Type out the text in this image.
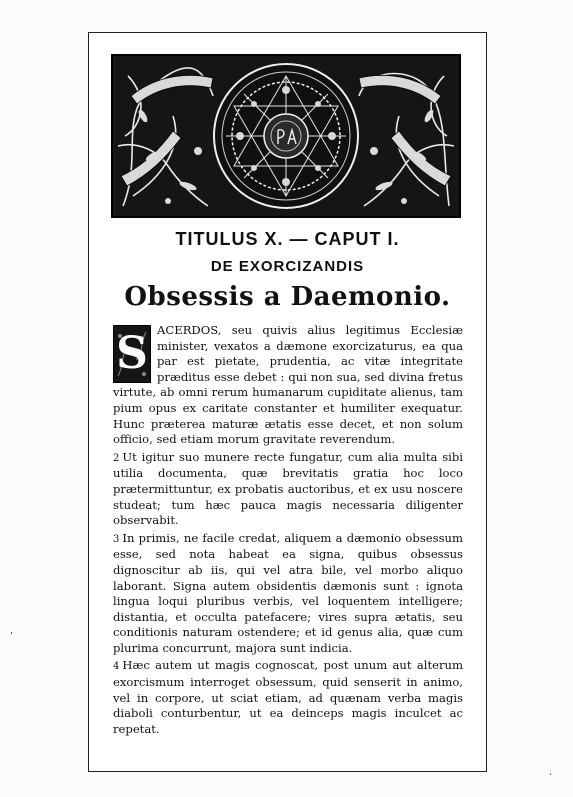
TITULUS X. — CAPUT I.
DE EXORCIZANDIS
Obsessis a Daemonio.

S ACERDOS, seu quivis alius legitimus Ecclesiæ minister, vexatos a dæmone exorcizaturus, ea qua par est pietate, prudentia, ac vitæ integritate præditus esse debet : qui non sua, sed divina fretus virtute, ab omni rerum humanarum cupiditate alienus, tam pium opus ex caritate constanter et humiliter exequatur. Hunc præterea maturæ ætatis esse decet, et non solum officio, sed etiam morum gravitate reverendum.

2 Ut igitur suo munere recte fungatur, cum alia multa sibi utilia documenta, quæ brevitatis gratia hoc loco prætermittuntur, ex probatis auctoribus, et ex usu noscere studeat; tum hæc pauca magis necessaria diligenter observabit.

3 In primis, ne facile credat, aliquem a dæmonio obsessum esse, sed nota habeat ea signa, quibus obsessus dignoscitur ab iis, qui vel atra bile, vel morbo aliquo laborant. Signa autem obsidentis dæmonis sunt : ignota lingua loqui pluribus verbis, vel loquentem intelligere; distantia, et occulta patefacere; vires supra ætatis, seu conditionis naturam ostendere; et id genus alia, quæ cum plurima concurrunt, majora sunt indicia.

4 Hæc autem ut magis cognoscat, post unum aut alterum exorcismum interroget obsessum, quid senserit in animo, vel in corpore, ut sciat etiam, ad quænam verba magis diaboli conturbentur, ut ea deinceps magis inculcet ac repetat.

,
·
